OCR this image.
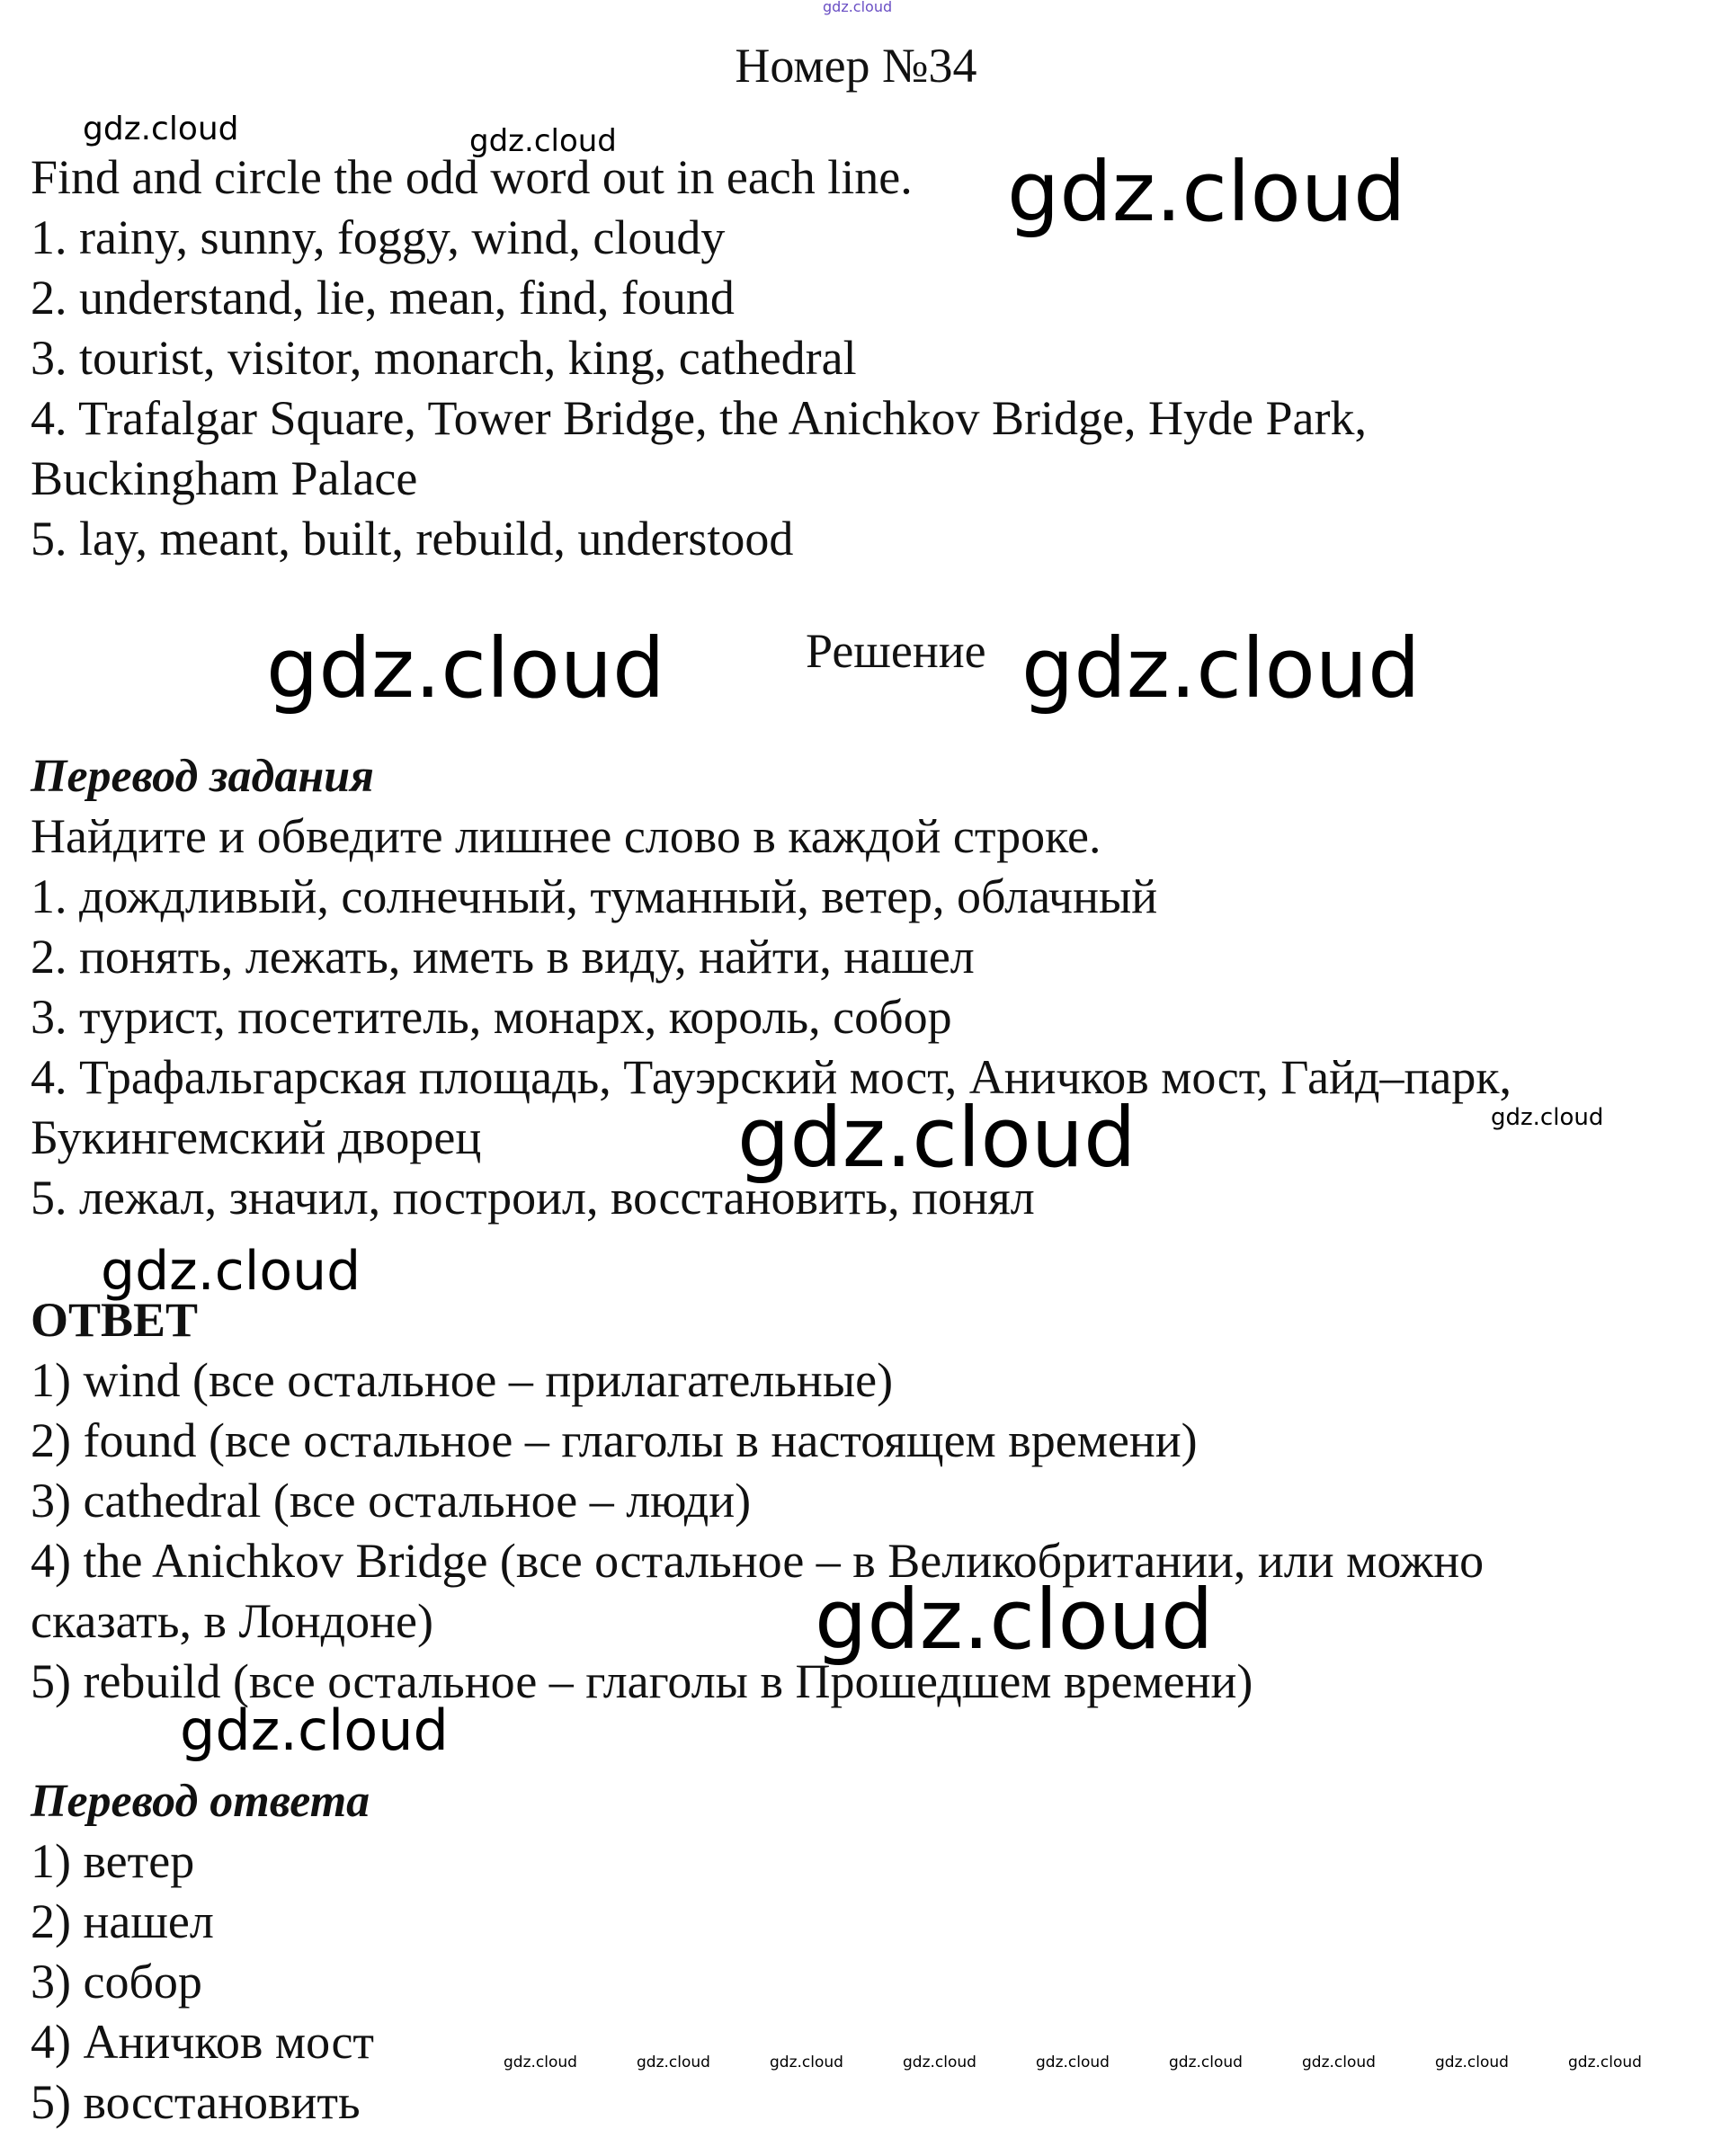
gdz.cloud
Номер №34
gdz.cloud	gdz.cloud
gdz.cloud
Find and circle the odd word out in each line.
1. rainy, sunny, foggy, wind, cloudy
2. understand, lie, mean, find, found
3. tourist, visitor, monarch, king, cathedral
4. Trafalgar Square, Tower Bridge, the Anichkov Bridge, Hyde Park,
Buckingham Palace
5. lay, meant, built, rebuild, understood
gdz.cloud	Решение gdz.cloud
Перевод задания
Найдите и обведите лишнее слово в каждой строке.
1. дождливый, солнечный, туманный, ветер, облачный
2. понять, лежать, иметь в виду, найти, нашел
3. турист, посетитель, монарх, король, собор
4. Трафальгарская площадь, Тауэрский мост, Аничков мост, Гайд–парк,
Букингемский дворец
5. лежал, значил, построил, восстановить, понял
gdz.cloud
gdz.cloud
gdz.cloud
ОТВЕТ
1) wind (все остальное – прилагательные)
2) found (все остальное – глаголы в настоящем времени)
3) cathedral (все остальное – люди)
4) the Anichkov Bridge (все остальное – в Великобритании, или можно
сказать, в Лондоне)
5) rebuild (все остальное – глаголы в Прошедшем времени)
gdz.cloud
gdz.cloud
Перевод ответа
1) ветер
2) нашел
3) собор
4) Аничков мост
5) восстановить
gdz.cloud	gdz.cloud	gdz.cloud	gdz.cloud	gdz.cloud	gdz.cloud	gdz.cloud	gdz.cloud	gdz.cloud
